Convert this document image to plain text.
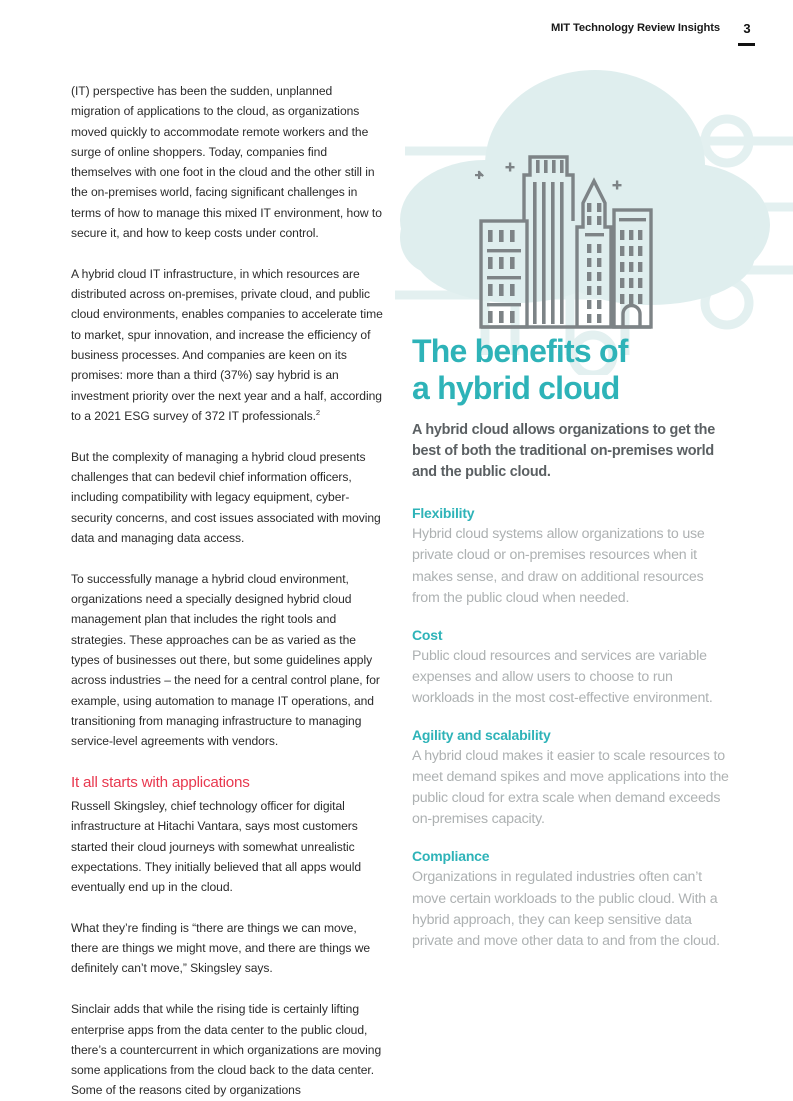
MIT Technology Review Insights	3

(IT) perspective has been the sudden, unplanned migration of applications to the cloud, as organizations moved quickly to accommodate remote workers and the surge of online shoppers. Today, companies find themselves with one foot in the cloud and the other still in the on-premises world, facing significant challenges in terms of how to manage this mixed IT environment, how to secure it, and how to keep costs under control.

A hybrid cloud IT infrastructure, in which resources are distributed across on-premises, private cloud, and public cloud environments, enables companies to accelerate time to market, spur innovation, and increase the efficiency of business processes. And companies are keen on its promises: more than a third (37%) say hybrid is an investment priority over the next year and a half, according to a 2021 ESG survey of 372 IT professionals.$^2$

But the complexity of managing a hybrid cloud presents challenges that can bedevil chief information officers, including compatibility with legacy equipment, cyber-security concerns, and cost issues associated with moving data and managing data access.

To successfully manage a hybrid cloud environment, organizations need a specially designed hybrid cloud management plan that includes the right tools and strategies. These approaches can be as varied as the types of businesses out there, but some guidelines apply across industries – the need for a central control plane, for example, using automation to manage IT operations, and transitioning from managing infrastructure to managing service-level agreements with vendors.

It all starts with applications

Russell Skingsley, chief technology officer for digital infrastructure at Hitachi Vantara, says most customers started their cloud journeys with somewhat unrealistic expectations. They initially believed that all apps would eventually end up in the cloud.

What they’re finding is “there are things we can move, there are things we might move, and there are things we definitely can’t move,” Skingsley says.

Sinclair adds that while the rising tide is certainly lifting enterprise apps from the data center to the public cloud, there’s a countercurrent in which organizations are moving some applications from the cloud back to the data center. Some of the reasons cited by organizations

The benefits of
a hybrid cloud

A hybrid cloud allows organizations to get the best of both the traditional on-premises world and the public cloud.

Flexibility

Hybrid cloud systems allow organizations to use private cloud or on-premises resources when it makes sense, and draw on additional resources from the public cloud when needed.

Cost

Public cloud resources and services are variable expenses and allow users to choose to run workloads in the most cost-effective environment.

Agility and scalability

A hybrid cloud makes it easier to scale resources to meet demand spikes and move applications into the public cloud for extra scale when demand exceeds on-premises capacity.

Compliance

Organizations in regulated industries often can’t move certain workloads to the public cloud. With a hybrid approach, they can keep sensitive data private and move other data to and from the cloud.
